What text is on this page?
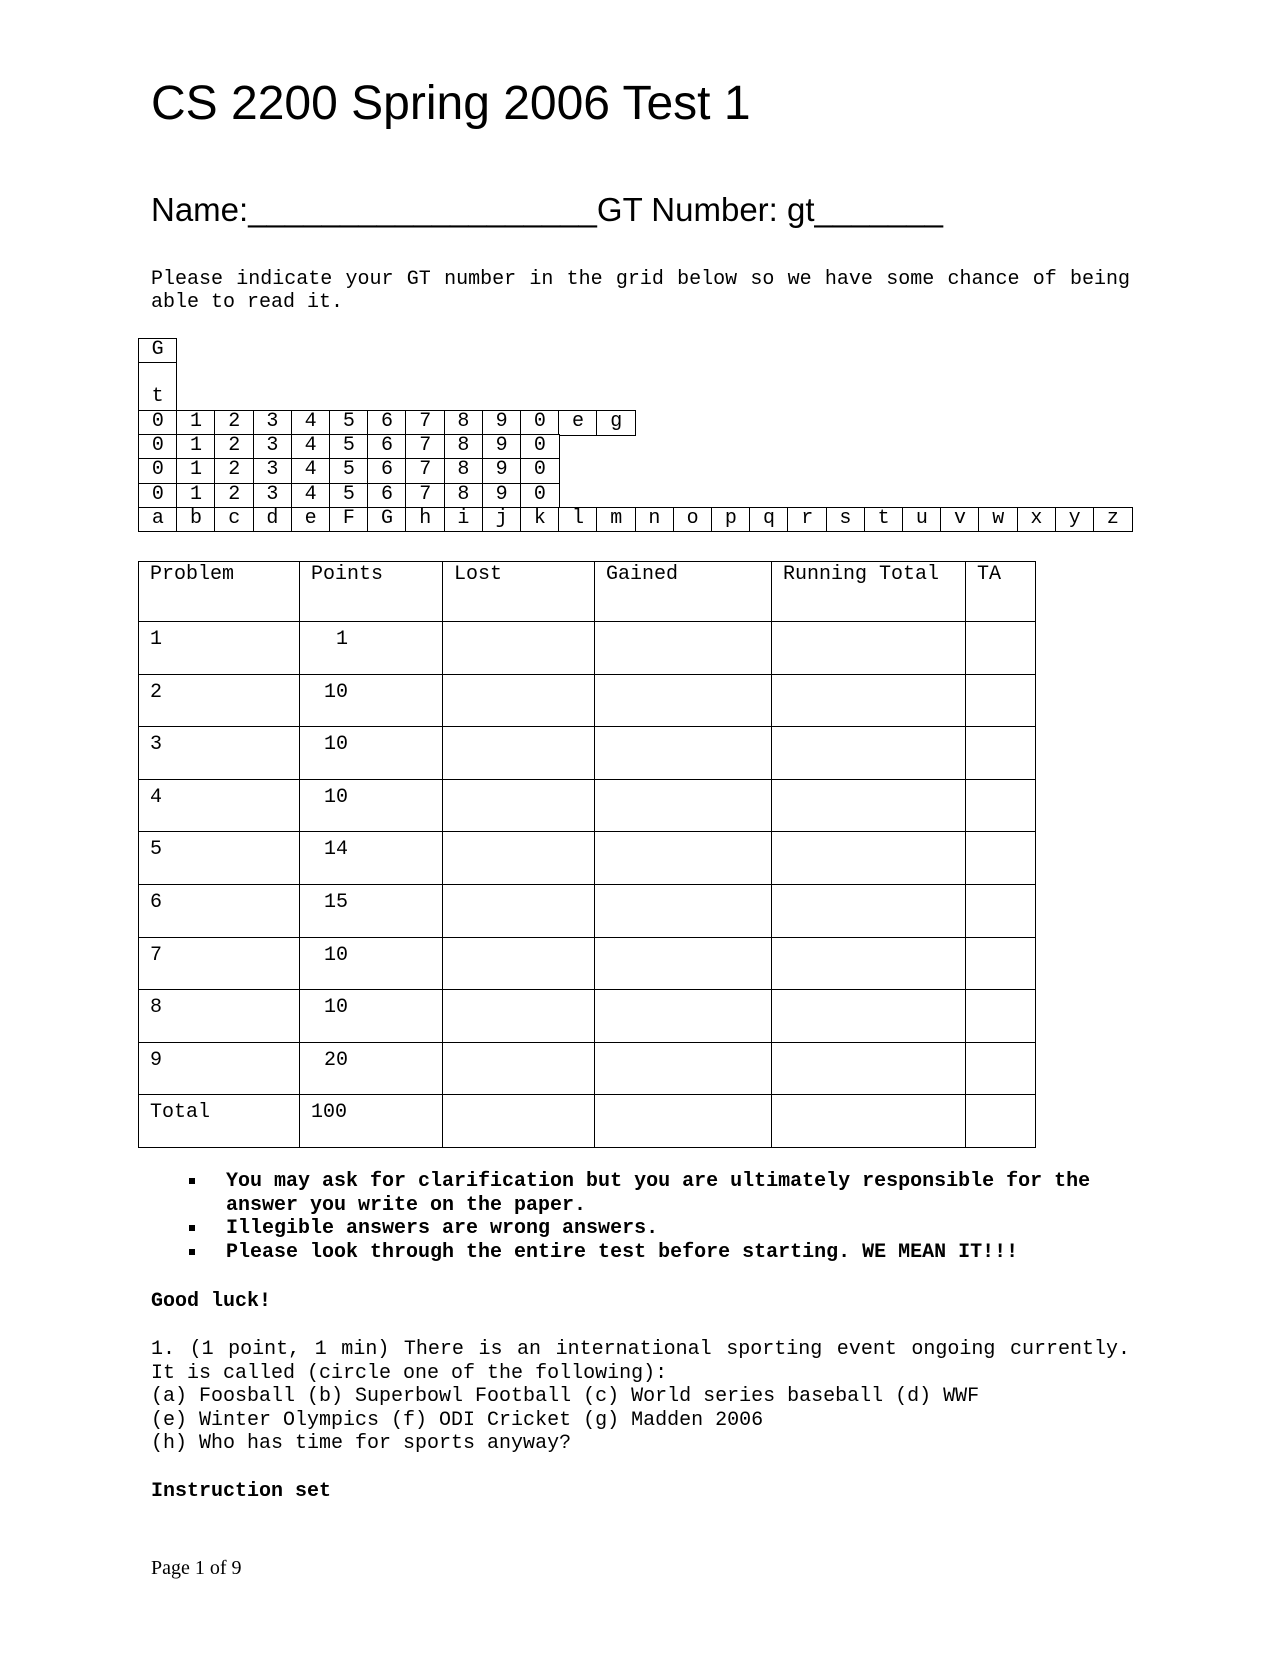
CS 2200 Spring 2006 Test 1
Name:___________________GT Number: gt_______

Please indicate your GT number in the grid below so we have some chance of being able to read it.

G
t
0	1	2	3	4	5	6	7	8	9	0	e	g
0	1	2	3	4	5	6	7	8	9	0
0	1	2	3	4	5	6	7	8	9	0
0	1	2	3	4	5	6	7	8	9	0
a	b	c	d	e	F	G	h	i	j	k	l	m	n	o	p	q	r	s	t	u	v	w	x	y	z
Problem	Points	Lost	Gained	Running Total	TA
1	1				
2	10				
3	10				
4	10				
5	14				
6	15				
7	10				
8	10				
9	20				
Total	100				
You may ask for clarification but you are ultimately responsible for the answer you write on the paper.
Illegible answers are wrong answers.
Please look through the entire test before starting. WE MEAN IT!!!
Good luck!
1. (1 point, 1 min) There is an international sporting event ongoing currently. It is called (circle one of the following):
(a) Foosball (b) Superbowl Football (c) World series baseball (d) WWF
(e) Winter Olympics (f) ODI Cricket (g) Madden 2006
(h) Who has time for sports anyway?
Instruction set
Page 1 of 9
